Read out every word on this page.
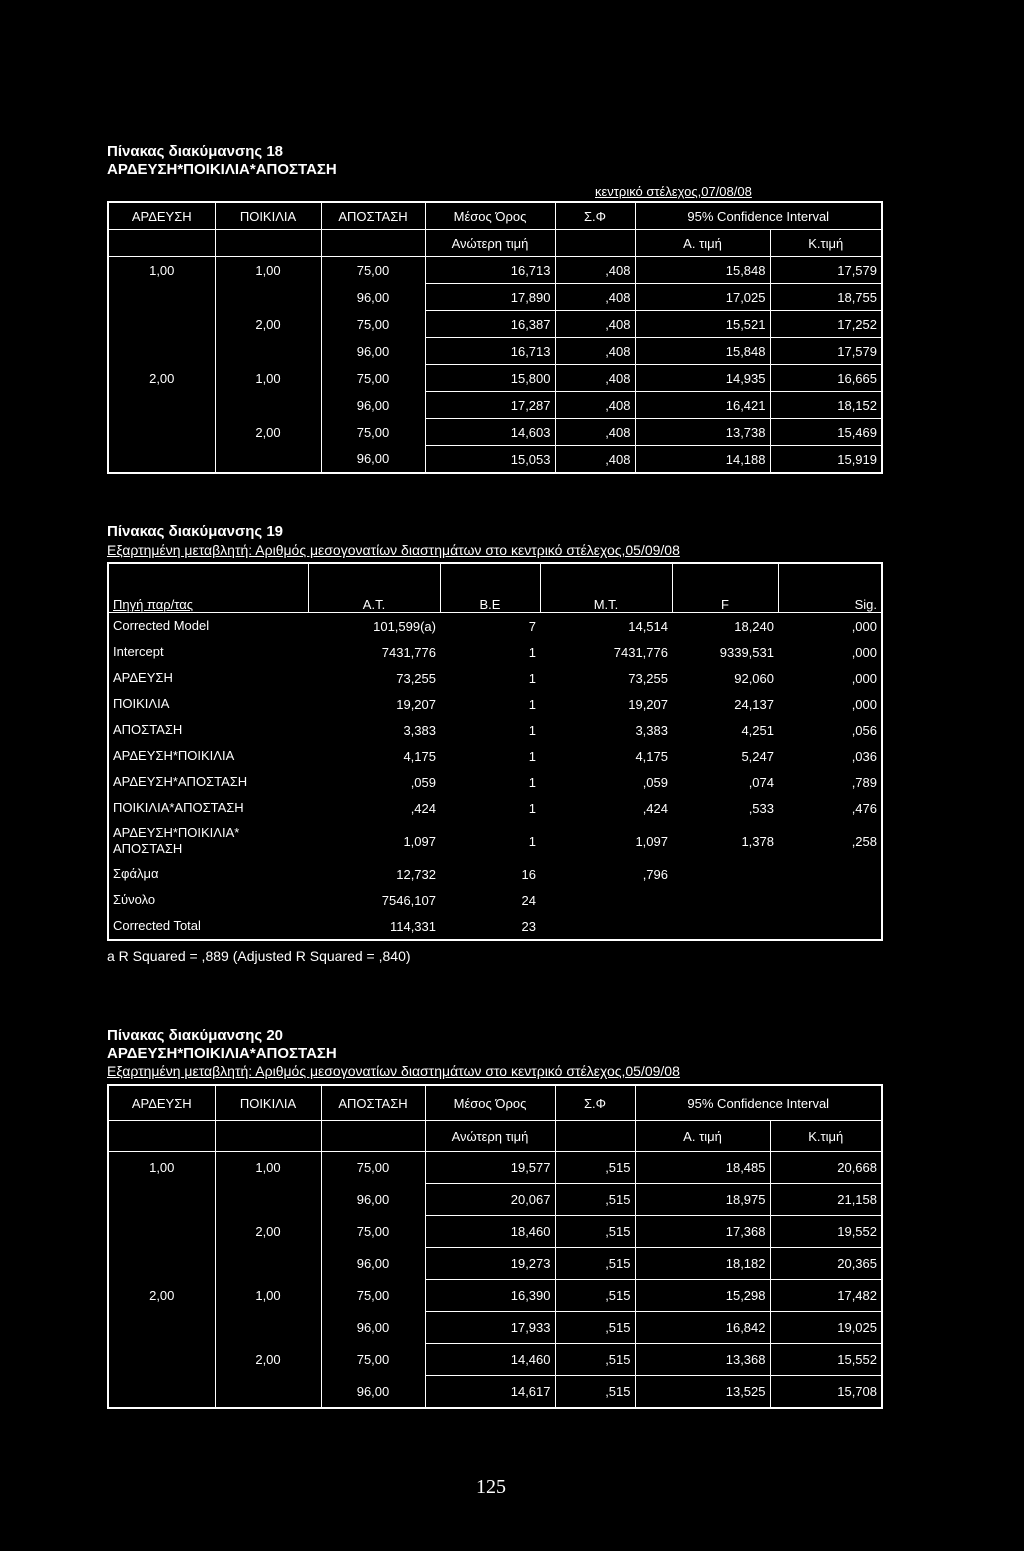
Πίνακας διακύμανσης 18
ΑΡΔΕΥΣΗ*ΠΟΙΚΙΛΙΑ*ΑΠΟΣΤΑΣΗ
κεντρικό στέλεχος,07/08/08
ΑΡΔΕΥΣΗ	ΠΟΙΚΙΛΙΑ	ΑΠΟΣΤΑΣΗ	Μέσος Όρος	Σ.Φ	95% Confidence Interval	
			Ανώτερη τιμή		Α. τιμή	Κ.τιμή
1,00	1,00	75,00	16,713	,408	15,848	17,579
		96,00	17,890	,408	17,025	18,755
	2,00	75,00	16,387	,408	15,521	17,252
		96,00	16,713	,408	15,848	17,579
2,00	1,00	75,00	15,800	,408	14,935	16,665
		96,00	17,287	,408	16,421	18,152
	2,00	75,00	14,603	,408	13,738	15,469
		96,00	15,053	,408	14,188	15,919
Πίνακας διακύμανσης 19
Εξαρτημένη μεταβλητή: Αριθμός μεσογονατίων διαστημάτων στο κεντρικό στέλεχος,05/09/08
Πηγή παρ/τας	Α.Τ.	Β.Ε	Μ.Τ.	F	Sig.
Corrected Model	101,599(a)	7	14,514	18,240	,000
Intercept	7431,776	1	7431,776	9339,531	,000
ΑΡΔΕΥΣΗ	73,255	1	73,255	92,060	,000
ΠΟΙΚΙΛΙΑ	19,207	1	19,207	24,137	,000
ΑΠΟΣΤΑΣΗ	3,383	1	3,383	4,251	,056
ΑΡΔΕΥΣΗ*ΠΟΙΚΙΛΙΑ	4,175	1	4,175	5,247	,036
ΑΡΔΕΥΣΗ*ΑΠΟΣΤΑΣΗ	,059	1	,059	,074	,789
ΠΟΙΚΙΛΙΑ*ΑΠΟΣΤΑΣΗ	,424	1	,424	,533	,476
ΑΡΔΕΥΣΗ*ΠΟΙΚΙΛΙΑ*
ΑΠΟΣΤΑΣΗ	1,097	1	1,097	1,378	,258
Σφάλμα	12,732	16	,796		
Σύνολο	7546,107	24			
Corrected Total	114,331	23			
a R Squared = ,889 (Adjusted R Squared = ,840)
Πίνακας διακύμανσης 20
ΑΡΔΕΥΣΗ*ΠΟΙΚΙΛΙΑ*ΑΠΟΣΤΑΣΗ
Εξαρτημένη μεταβλητή: Αριθμός μεσογονατίων διαστημάτων στο κεντρικό στέλεχος,05/09/08
ΑΡΔΕΥΣΗ	ΠΟΙΚΙΛΙΑ	ΑΠΟΣΤΑΣΗ	Μέσος Όρος	Σ.Φ	95% Confidence Interval	
			Ανώτερη τιμή		Α. τιμή	Κ.τιμή
1,00	1,00	75,00	19,577	,515	18,485	20,668
		96,00	20,067	,515	18,975	21,158
	2,00	75,00	18,460	,515	17,368	19,552
		96,00	19,273	,515	18,182	20,365
2,00	1,00	75,00	16,390	,515	15,298	17,482
		96,00	17,933	,515	16,842	19,025
	2,00	75,00	14,460	,515	13,368	15,552
		96,00	14,617	,515	13,525	15,708
125
